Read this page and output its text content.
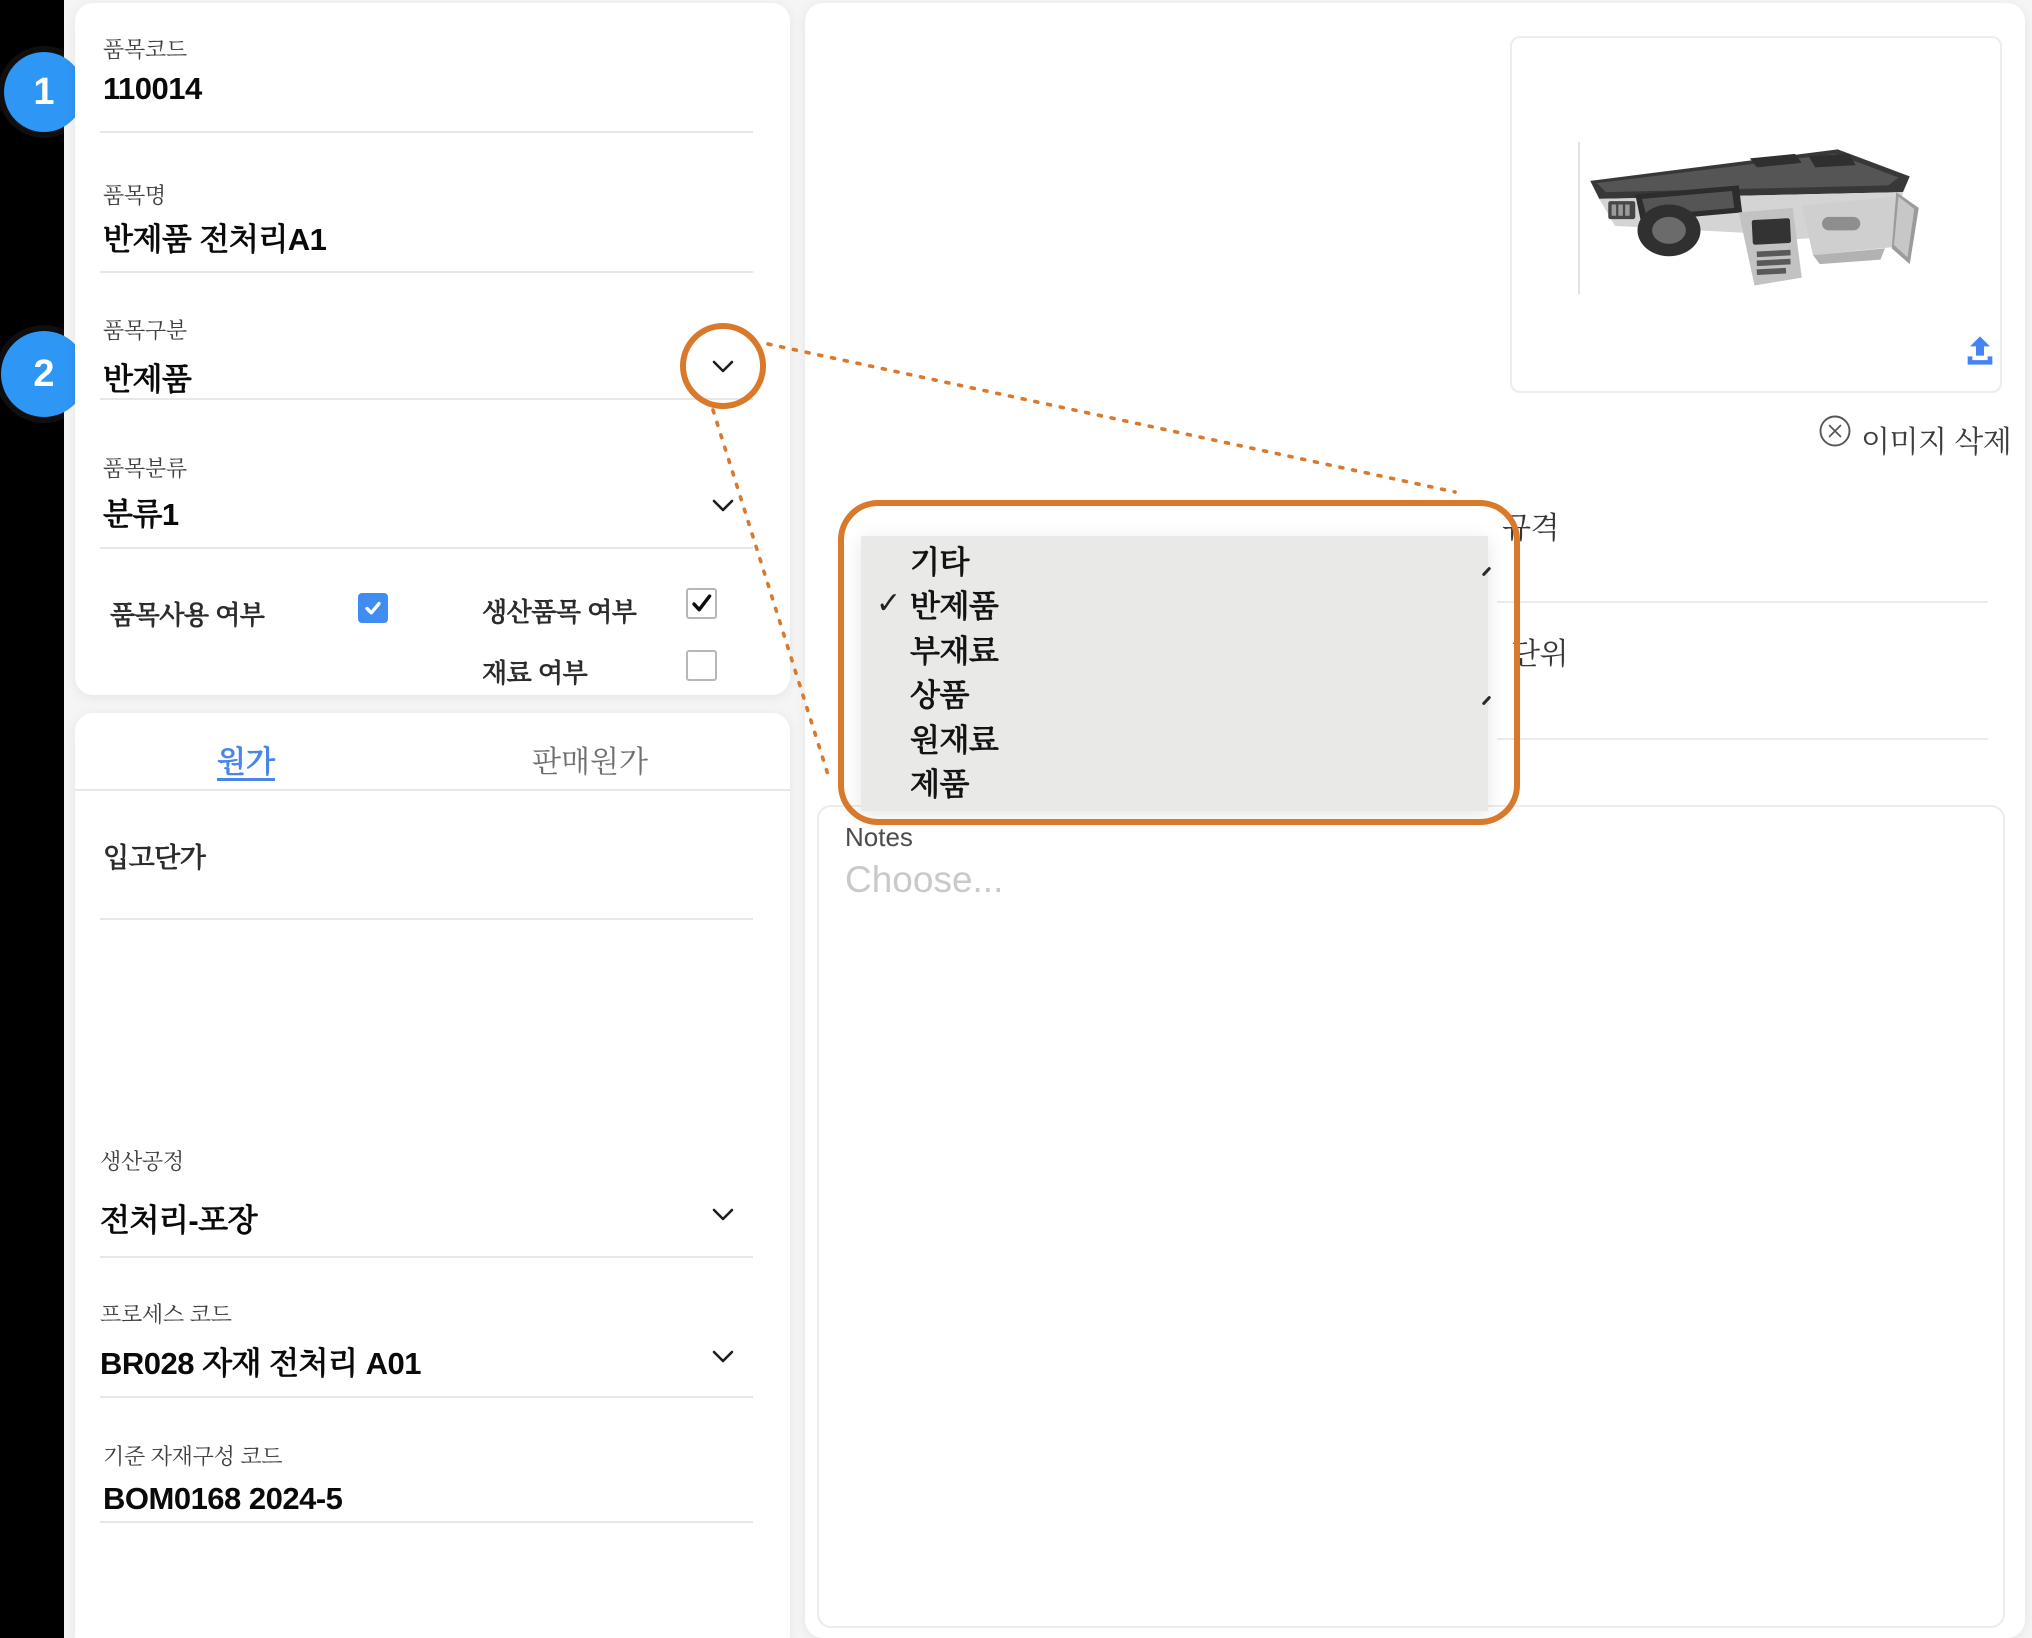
1
2
품목코드
110014
품목명
반제품 전처리A1
품목구분
반제품
품목분류
분류1
품목사용 여부	생산품목 여부
재료 여부
원가	판매원가
입고단가
생산공정
전처리-포장
프로세스 코드
BR028 자재 전처리 A01
기준 자재구성 코드
BOM0168 2024-5
이미지 삭제
규격
단위
Notes
Choose...
기타
✓ 반제품
부재료
상품
원재료
제품
